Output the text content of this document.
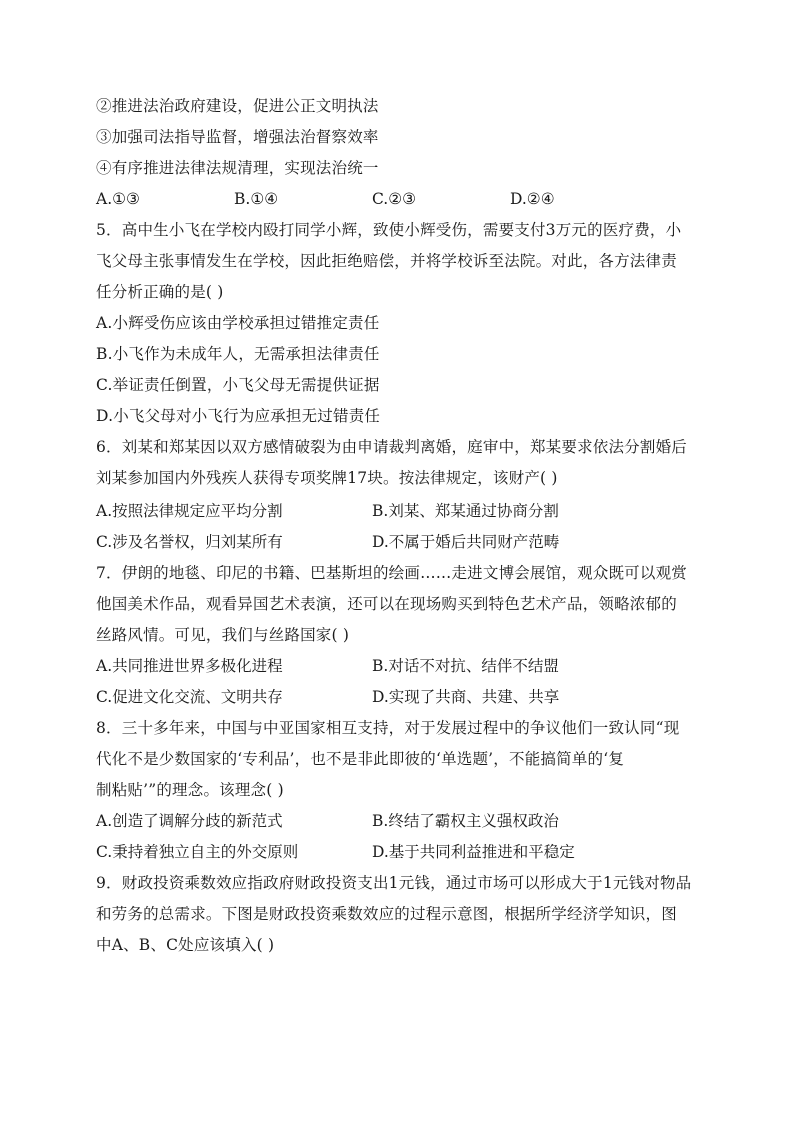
②推进法治政府建设，促进公正文明执法
③加强司法指导监督，增强法治督察效率
④有序推进法律法规清理，实现法治统一
A.①③	B.①④	C.②③	D.②④
5．高中生小飞在学校内殴打同学小辉，致使小辉受伤，需要支付3万元的医疗费，小
飞父母主张事情发生在学校，因此拒绝赔偿，并将学校诉至法院。对此，各方法律责
任分析正确的是( )
A.小辉受伤应该由学校承担过错推定责任
B.小飞作为未成年人，无需承担法律责任
C.举证责任倒置，小飞父母无需提供证据
D.小飞父母对小飞行为应承担无过错责任
6．刘某和郑某因以双方感情破裂为由申请裁判离婚，庭审中，郑某要求依法分割婚后
刘某参加国内外残疾人获得专项奖牌17块。按法律规定，该财产( )
A.按照法律规定应平均分割	B.刘某、郑某通过协商分割
C.涉及名誉权，归刘某所有	D.不属于婚后共同财产范畴
7．伊朗的地毯、印尼的书籍、巴基斯坦的绘画……走进文博会展馆，观众既可以观赏
他国美术作品，观看异国艺术表演，还可以在现场购买到特色艺术产品，领略浓郁的
丝路风情。可见，我们与丝路国家( )
A.共同推进世界多极化进程	B.对话不对抗、结伴不结盟
C.促进文化交流、文明共存	D.实现了共商、共建、共享
8．三十多年来，中国与中亚国家相互支持，对于发展过程中的争议他们一致认同“现
代化不是少数国家的‘专利品’，也不是非此即彼的‘单选题’，不能搞简单的‘复
制粘贴’”的理念。该理念( )
A.创造了调解分歧的新范式	B.终结了霸权主义强权政治
C.秉持着独立自主的外交原则	D.基于共同利益推进和平稳定
9．财政投资乘数效应指政府财政投资支出1元钱，通过市场可以形成大于1元钱对物品
和劳务的总需求。下图是财政投资乘数效应的过程示意图，根据所学经济学知识，图
中A、B、C处应该填入( )
